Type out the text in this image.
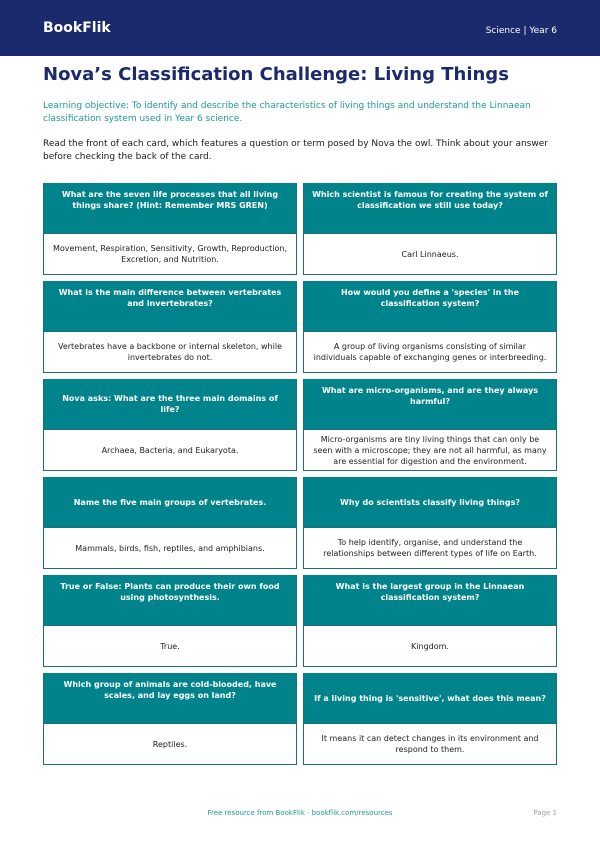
BookFlik	Science | Year 6
Nova’s Classification Challenge: Living Things
Learning objective: To identify and describe the characteristics of living things and understand the Linnaean classification system used in Year 6 science.
Read the front of each card, which features a question or term posed by Nova the owl. Think about your answer before checking the back of the card.
What are the seven life processes that all living things share? (Hint: Remember MRS GREN)
Movement, Respiration, Sensitivity, Growth, Reproduction, Excretion, and Nutrition.
Which scientist is famous for creating the system of classification we still use today?
Carl Linnaeus.
What is the main difference between vertebrates and invertebrates?
Vertebrates have a backbone or internal skeleton, while invertebrates do not.
How would you define a 'species' in the classification system?
A group of living organisms consisting of similar individuals capable of exchanging genes or interbreeding.
Nova asks: What are the three main domains of life?
Archaea, Bacteria, and Eukaryota.
What are micro-organisms, and are they always harmful?
Micro-organisms are tiny living things that can only be seen with a microscope; they are not all harmful, as many are essential for digestion and the environment.
Name the five main groups of vertebrates.
Mammals, birds, fish, reptiles, and amphibians.
Why do scientists classify living things?
To help identify, organise, and understand the relationships between different types of life on Earth.
True or False: Plants can produce their own food using photosynthesis.
True.
What is the largest group in the Linnaean classification system?
Kingdom.
Which group of animals are cold-blooded, have scales, and lay eggs on land?
Reptiles.
If a living thing is 'sensitive', what does this mean?
It means it can detect changes in its environment and respond to them.
Free resource from BookFlik · bookflik.com/resources	Page 1
